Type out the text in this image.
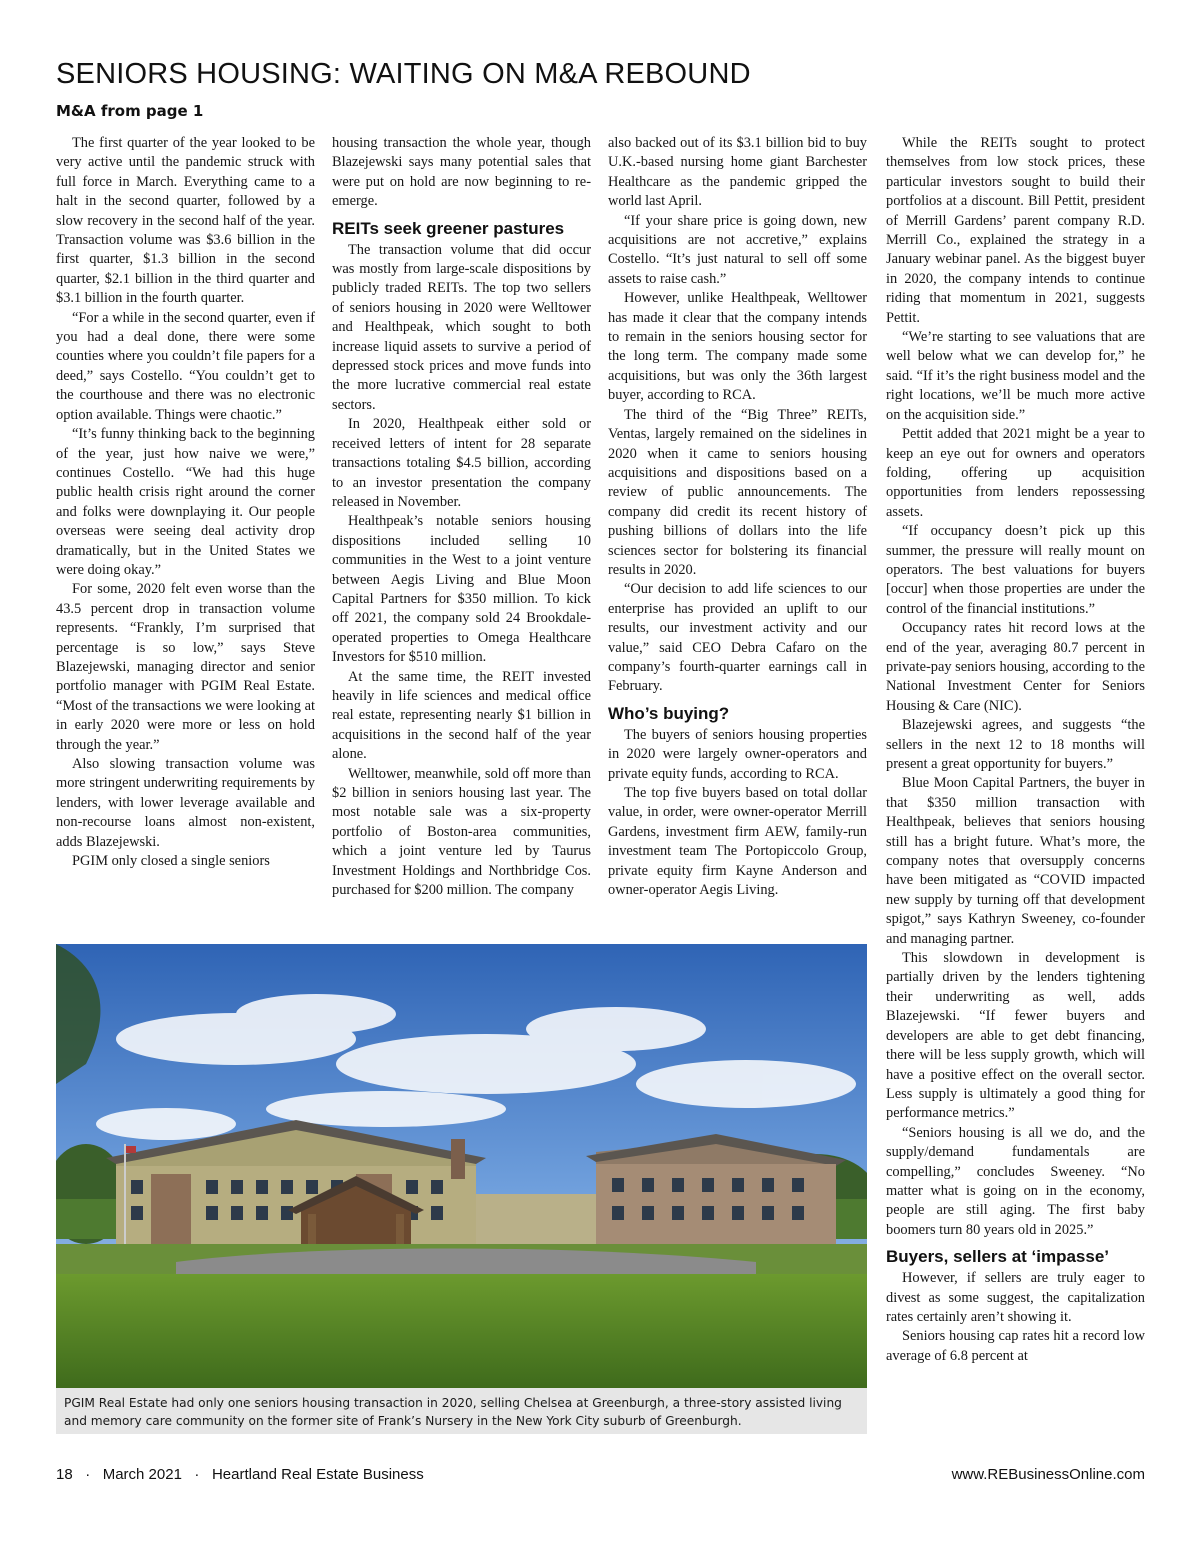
SENIORS HOUSING: WAITING ON M&A REBOUND
M&A from page 1

The first quarter of the year looked to be very active until the pandemic struck with full force in March. Everything came to a halt in the second quarter, followed by a slow recovery in the second half of the year. Transaction volume was $3.6 billion in the first quarter, $1.3 billion in the second quarter, $2.1 billion in the third quarter and $3.1 billion in the fourth quarter.

“For a while in the second quarter, even if you had a deal done, there were some counties where you couldn’t file papers for a deed,” says Costello. “You couldn’t get to the courthouse and there was no electronic option available. Things were chaotic.”

“It’s funny thinking back to the beginning of the year, just how naive we were,” continues Costello. “We had this huge public health crisis right around the corner and folks were downplaying it. Our people overseas were seeing deal activity drop dramatically, but in the United States we were doing okay.”

For some, 2020 felt even worse than the 43.5 percent drop in transaction volume represents. “Frankly, I’m surprised that percentage is so low,” says Steve Blazejewski, managing director and senior portfolio manager with PGIM Real Estate. “Most of the transactions we were looking at in early 2020 were more or less on hold through the year.”

Also slowing transaction volume was more stringent underwriting requirements by lenders, with lower leverage available and non-recourse loans almost non-existent, adds Blazejewski.

PGIM only closed a single seniors

housing transaction the whole year, though Blazejewski says many potential sales that were put on hold are now beginning to re-emerge.

REITs seek greener pastures

The transaction volume that did occur was mostly from large-scale dispositions by publicly traded REITs. The top two sellers of seniors housing in 2020 were Welltower and Healthpeak, which sought to both increase liquid assets to survive a period of depressed stock prices and move funds into the more lucrative commercial real estate sectors.

In 2020, Healthpeak either sold or received letters of intent for 28 separate transactions totaling $4.5 billion, according to an investor presentation the company released in November.

Healthpeak’s notable seniors housing dispositions included selling 10 communities in the West to a joint venture between Aegis Living and Blue Moon Capital Partners for $350 million. To kick off 2021, the company sold 24 Brookdale-operated properties to Omega Healthcare Investors for $510 million.

At the same time, the REIT invested heavily in life sciences and medical office real estate, representing nearly $1 billion in acquisitions in the second half of the year alone.

Welltower, meanwhile, sold off more than $2 billion in seniors housing last year. The most notable sale was a six-property portfolio of Boston-area communities, which a joint venture led by Taurus Investment Holdings and Northbridge Cos. purchased for $200 million. The company

also backed out of its $3.1 billion bid to buy U.K.-based nursing home giant Barchester Healthcare as the pandemic gripped the world last April.

“If your share price is going down, new acquisitions are not accretive,” explains Costello. “It’s just natural to sell off some assets to raise cash.”

However, unlike Healthpeak, Welltower has made it clear that the company intends to remain in the seniors housing sector for the long term. The company made some acquisitions, but was only the 36th largest buyer, according to RCA.

The third of the “Big Three” REITs, Ventas, largely remained on the sidelines in 2020 when it came to seniors housing acquisitions and dispositions based on a review of public announcements. The company did credit its recent history of pushing billions of dollars into the life sciences sector for bolstering its financial results in 2020.

“Our decision to add life sciences to our enterprise has provided an uplift to our results, our investment activity and our value,” said CEO Debra Cafaro on the company’s fourth-quarter earnings call in February.

Who’s buying?

The buyers of seniors housing properties in 2020 were largely owner-operators and private equity funds, according to RCA.

The top five buyers based on total dollar value, in order, were owner-operator Merrill Gardens, investment firm AEW, family-run investment team The Portopiccolo Group, private equity firm Kayne Anderson and owner-operator Aegis Living.

While the REITs sought to protect themselves from low stock prices, these particular investors sought to build their portfolios at a discount. Bill Pettit, president of Merrill Gardens’ parent company R.D. Merrill Co., explained the strategy in a January webinar panel. As the biggest buyer in 2020, the company intends to continue riding that momentum in 2021, suggests Pettit.

“We’re starting to see valuations that are well below what we can develop for,” he said. “If it’s the right business model and the right locations, we’ll be much more active on the acquisition side.”

Pettit added that 2021 might be a year to keep an eye out for owners and operators folding, offering up acquisition opportunities from lenders repossessing assets.

“If occupancy doesn’t pick up this summer, the pressure will really mount on operators. The best valuations for buyers [occur] when those properties are under the control of the financial institutions.”

Occupancy rates hit record lows at the end of the year, averaging 80.7 percent in private-pay seniors housing, according to the National Investment Center for Seniors Housing & Care (NIC).

Blazejewski agrees, and suggests “the sellers in the next 12 to 18 months will present a great opportunity for buyers.”

Blue Moon Capital Partners, the buyer in that $350 million transaction with Healthpeak, believes that seniors housing still has a bright future. What’s more, the company notes that oversupply concerns have been mitigated as “COVID impacted new supply by turning off that development spigot,” says Kathryn Sweeney, co-founder and managing partner.

This slowdown in development is partially driven by the lenders tightening their underwriting as well, adds Blazejewski. “If fewer buyers and developers are able to get debt financing, there will be less supply growth, which will have a positive effect on the overall sector. Less supply is ultimately a good thing for performance metrics.”

“Seniors housing is all we do, and the supply/demand fundamentals are compelling,” concludes Sweeney. “No matter what is going on in the economy, people are still aging. The first baby boomers turn 80 years old in 2025.”

Buyers, sellers at ‘impasse’

However, if sellers are truly eager to divest as some suggest, the capitalization rates certainly aren’t showing it.

Seniors housing cap rates hit a record low average of 6.8 percent at

PGIM Real Estate had only one seniors housing transaction in 2020, selling Chelsea at Greenburgh, a three-story assisted living and memory care community on the former site of Frank’s Nursery in the New York City suburb of Greenburgh.
18   ·   March 2021   ·   Heartland Real Estate Business	www.REBusinessOnline.com
